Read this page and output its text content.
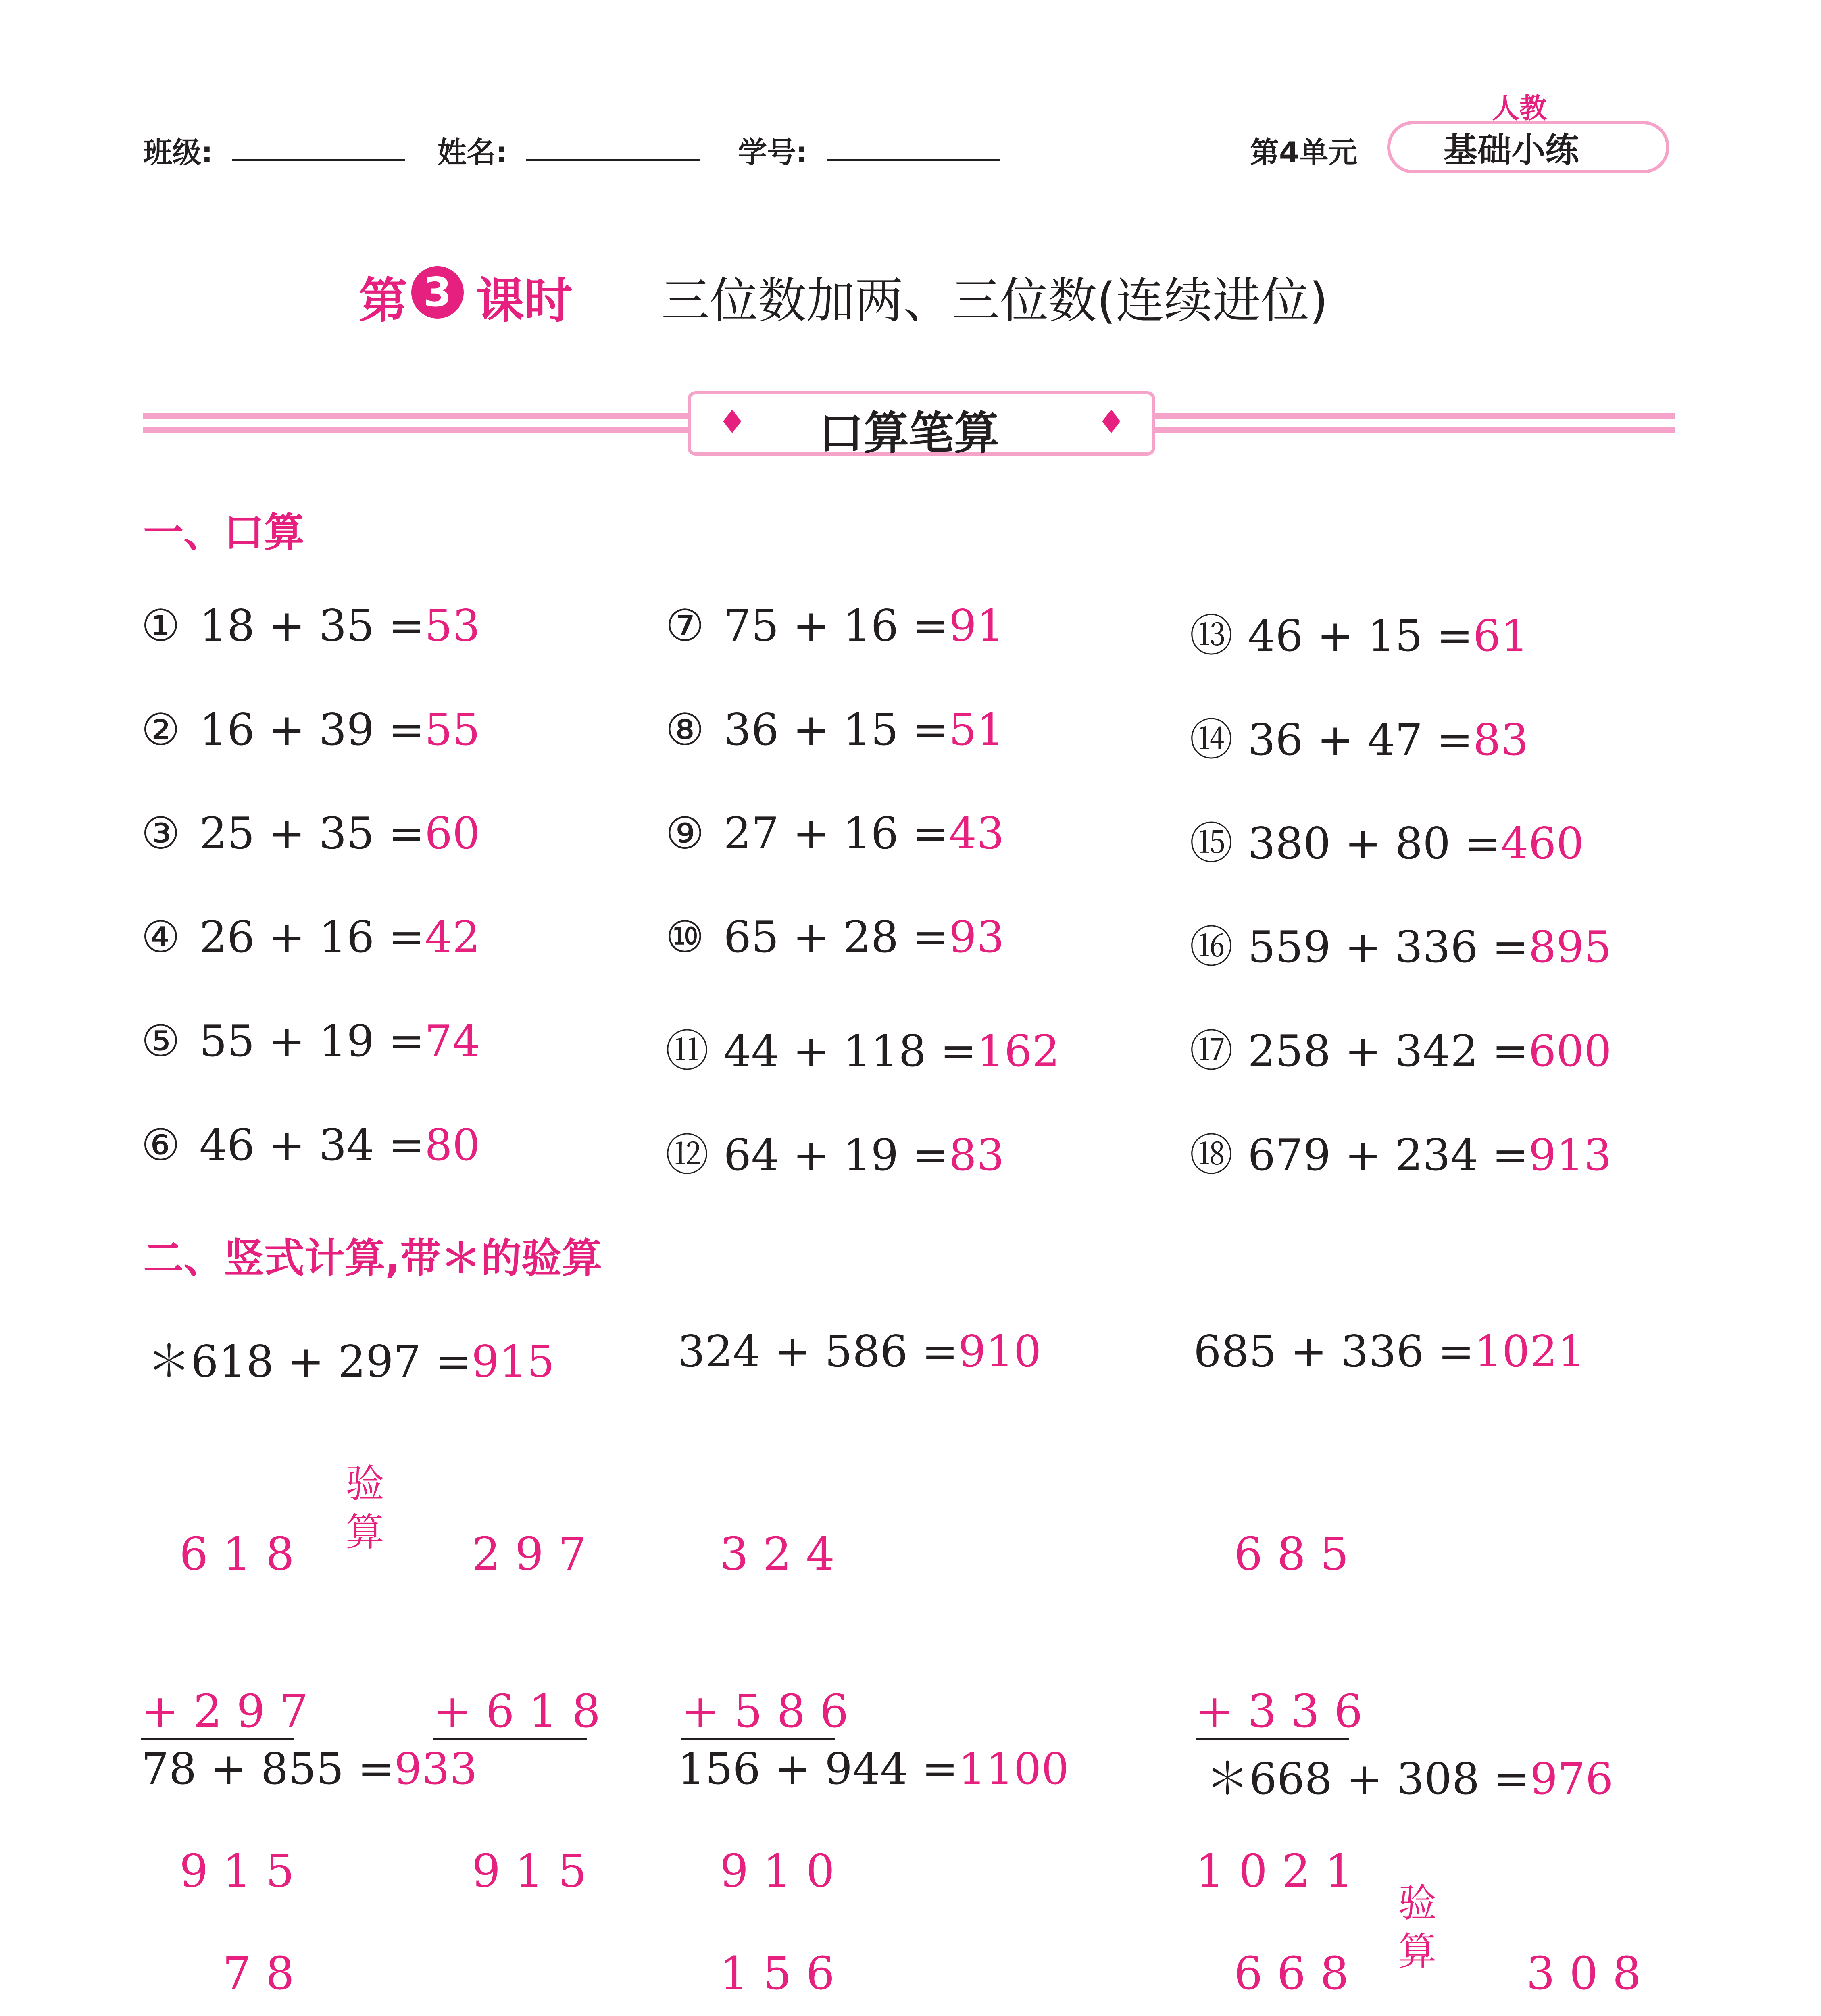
班级:	姓名:	学号:	第4单元
人教
基础小练
第 3 课时 三位数加两、三位数(连续进位)
♦ 口算笔算	♦
一、口算
① 18 + 35 =53
② 16 + 39 =55
③ 25 + 35 =60
④ 26 + 16 =42
⑤ 55 + 19 =74
⑥ 46 + 34 =80
⑦ 75 + 16 =91
⑧ 36 + 15 =51
⑨ 27 + 16 =43
⑩ 65 + 28 =93
⑪ 44 + 118 =162
⑫ 64 + 19 =83
⑬ 46 + 15 =61
⑭ 36 + 47 =83
⑮ 380 + 80 =460
⑯ 559 + 336 =895
⑰ 258 + 342 =600
⑱ 679 + 234 =913
二、竖式计算,带＊的验算
＊618 + 297 =915	324 + 586 =910	685 + 336 =1021

6 1 8

+ 2 9 7

9 1 5

验算

	2 9 7

+ 6 1 8

9 1 5

3 2 4

+ 5 8 6

9 1 0

6 8 5

+ 3 3 6

1 0 2 1

78 + 855 =933	156 + 944 =1100	＊668 + 308 =976

7 8

	1 5 6

	6 6 8

验算

	3 0 8
